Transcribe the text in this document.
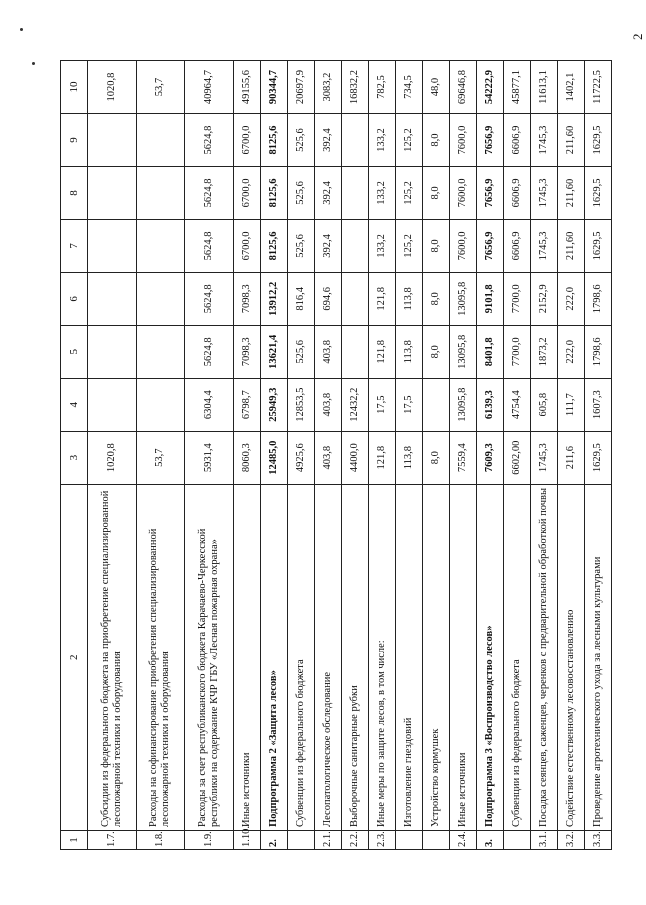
2
1	2	3	4	5	6	7	8	9	10
1.7.	Субсидии из федерального бюджета на приобретение специализированной лесопожарной техники и оборудования	1020,8							1020,8
1.8.	Расходы на софинансирование приобретения специализированной лесопожарной техники и оборудования	53,7							53,7
1.9.	Расходы за счет республиканского бюджета Карачаево-Черкесской республики на содержание КЧР ГБУ «Лесная пожарная охрана»	5931,4	6304,4	5624,8	5624,8	5624,8	5624,8	5624,8	40964,7
1.10.	Иные источники	8060,3	6798,7	7098,3	7098,3	6700,0	6700,0	6700,0	49155,6
2.	Подпрограмма 2 «Защита лесов»	12485,0	25949,3	13621,4	13912,2	8125,6	8125,6	8125,6	90344,7
	Субвенции из федерального бюджета	4925,6	12853,5	525,6	816,4	525,6	525,6	525,6	20697,9
2.1.	Лесопатологическое обследование	403,8	403,8	403,8	694,6	392,4	392,4	392,4	3083,2
2.2.	Выборочные санитарные рубки	4400,0	12432,2						16832,2
2.3.	Иные меры по защите лесов, в том числе:	121,8	17,5	121,8	121,8	133,2	133,2	133,2	782,5
	Изготовление гнездовий	113,8	17,5	113,8	113,8	125,2	125,2	125,2	734,5
	Устройство кормушек	8,0		8,0	8,0	8,0	8,0	8,0	48,0
2.4.	Иные источники	7559,4	13095,8	13095,8	13095,8	7600,0	7600,0	7600,0	69646,8
3.	Подпрограмма 3 «Воспроизводство лесов»	7609,3	6139,3	8401,8	9101,8	7656,9	7656,9	7656,9	54222,9
	Субвенции из федерального бюджета	6602,00	4754,4	7700,0	7700,0	6606,9	6606,9	6606,9	45877,1
3.1.	Посадка сеянцев, саженцев, черенков с предварительной обработкой почвы	1745,3	605,8	1873,2	2152,9	1745,3	1745,3	1745,3	11613,1
3.2.	Содействие естественному лесовосстановлению	211,6	111,7	222,0	222,0	211,60	211,60	211,60	1402,1
3.3.	Проведение агротехнического ухода за лесными культурами	1629,5	1607,3	1798,6	1798,6	1629,5	1629,5	1629,5	11722,5
